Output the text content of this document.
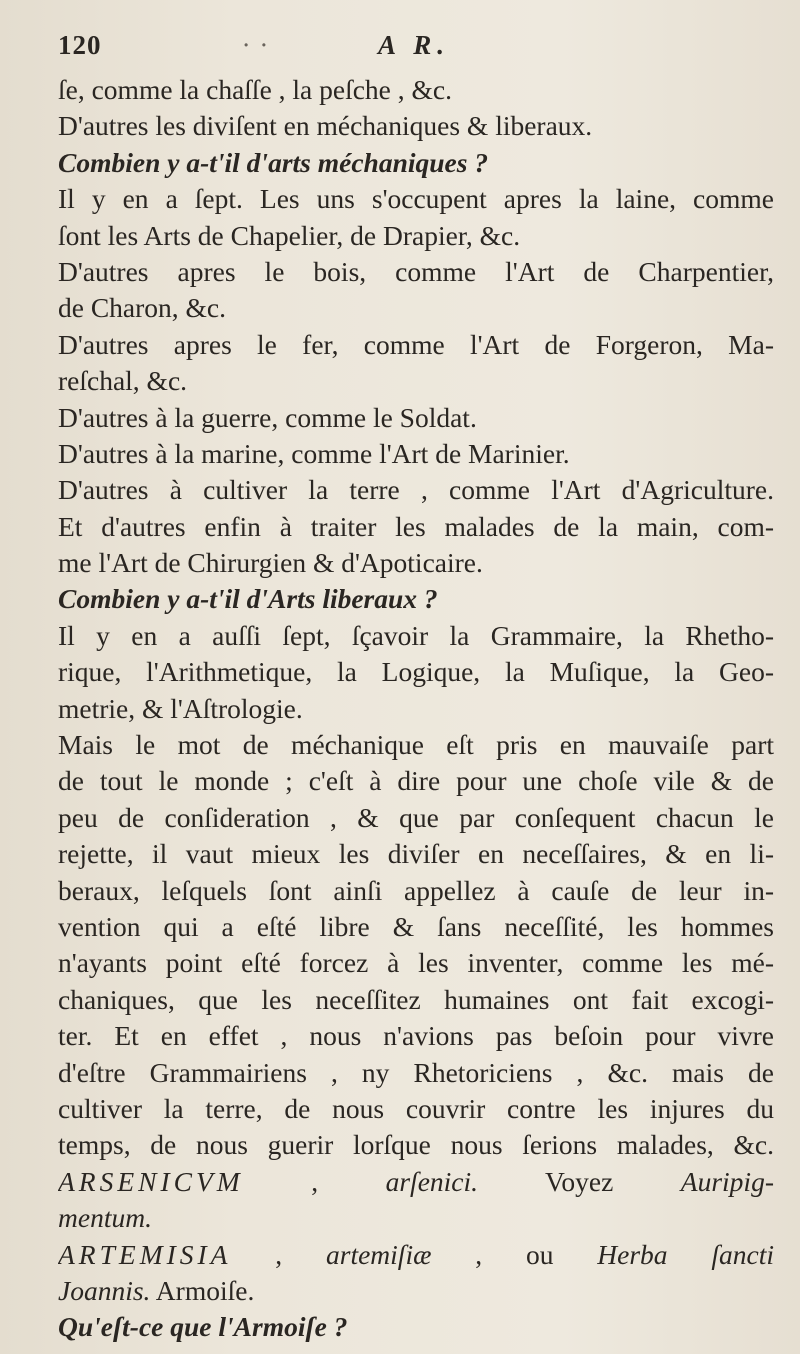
120	· ·	A R.
ſe, comme la chaſſe , la peſche , &c.
D'autres les diviſent en méchaniques & liberaux.
Combien y a-t'il d'arts méchaniques ?
Il y en a ſept. Les uns s'occupent apres la laine, comme
ſont les Arts de Chapelier, de Drapier, &c.
D'autres apres le bois, comme l'Art de Charpentier,
de Charon, &c.
D'autres apres le fer, comme l'Art de Forgeron, Ma-
reſchal, &c.
D'autres à la guerre, comme le Soldat.
D'autres à la marine, comme l'Art de Marinier.
D'autres à cultiver la terre , comme l'Art d'Agriculture.
Et d'autres enfin à traiter les malades de la main, com-
me l'Art de Chirurgien & d'Apoticaire.
Combien y a-t'il d'Arts liberaux ?
Il y en a auſſi ſept, ſçavoir la Grammaire, la Rhetho-
rique, l'Arithmetique, la Logique, la Muſique, la Geo-
metrie, & l'Aſtrologie.
Mais le mot de méchanique eſt pris en mauvaiſe part
de tout le monde ; c'eſt à dire pour une choſe vile & de
peu de conſideration , & que par conſequent chacun le
rejette, il vaut mieux les diviſer en neceſſaires, & en li-
beraux, leſquels ſont ainſi appellez à cauſe de leur in-
vention qui a eſté libre & ſans neceſſité, les hommes
n'ayants point eſté forcez à les inventer, comme les mé-
chaniques, que les neceſſitez humaines ont fait excogi-
ter. Et en effet , nous n'avions pas beſoin pour vivre
d'eſtre Grammairiens , ny Rhetoriciens , &c. mais de
cultiver la terre, de nous couvrir contre les injures du
temps, de nous guerir lorſque nous ſerions malades, &c.
ARSENICVM , arſenici. Voyez Auripig-
mentum.
ARTEMISIA , artemiſiæ , ou Herba ſancti
Joannis. Armoiſe.
Qu'eſt-ce que l'Armoiſe ?
